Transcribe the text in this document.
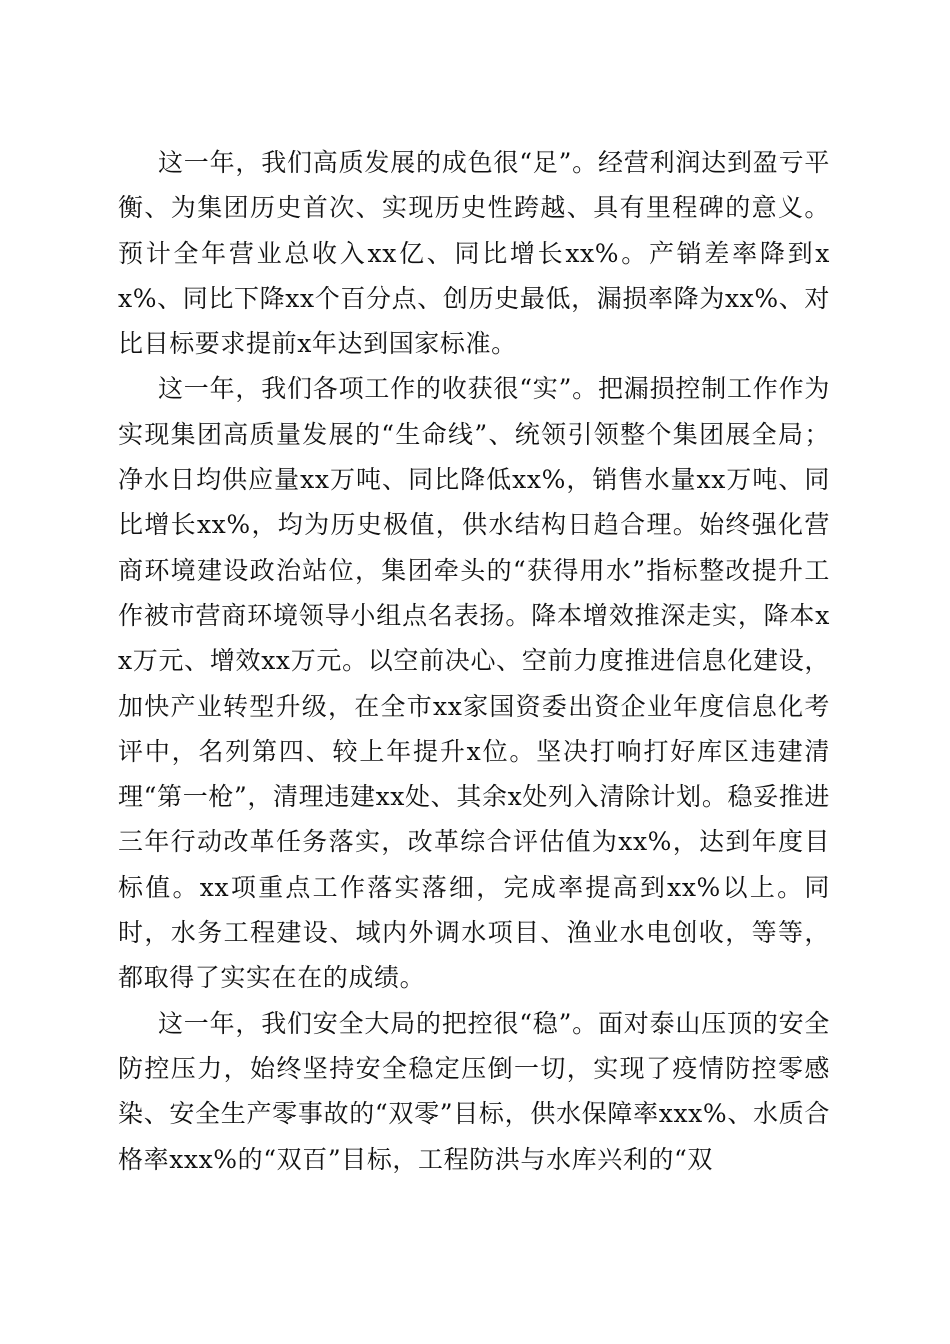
这一年，我们高质发展的成色很“足”。经营利润达到盈亏平衡、为集团历史首次、实现历史性跨越、具有里程碑的意义。预计全年营业总收入xx亿、同比增长xx%。产销差率降到xx%、同比下降xx个百分点、创历史最低，漏损率降为xx%、对比目标要求提前x年达到国家标准。

这一年，我们各项工作的收获很“实”。把漏损控制工作作为实现集团高质量发展的“生命线”、统领引领整个集团展全局；净水日均供应量xx万吨、同比降低xx%，销售水量xx万吨、同比增长xx%，均为历史极值，供水结构日趋合理。始终强化营商环境建设政治站位，集团牵头的“获得用水”指标整改提升工作被市营商环境领导小组点名表扬。降本增效推深走实，降本xx万元、增效xx万元。以空前决心、空前力度推进信息化建设，加快产业转型升级，在全市xx家国资委出资企业年度信息化考评中，名列第四、较上年提升x位。坚决打响打好库区违建清理“第一枪”，清理违建xx处、其余x处列入清除计划。稳妥推进三年行动改革任务落实，改革综合评估值为xx%，达到年度目标值。xx项重点工作落实落细，完成率提高到xx%以上。同时，水务工程建设、域内外调水项目、渔业水电创收，等等，都取得了实实在在的成绩。

这一年，我们安全大局的把控很“稳”。面对泰山压顶的安全防控压力，始终坚持安全稳定压倒一切，实现了疫情防控零感染、安全生产零事故的“双零”目标，供水保障率xxx%、水质合格率xxx%的“双百”目标，工程防洪与水库兴利的“双
